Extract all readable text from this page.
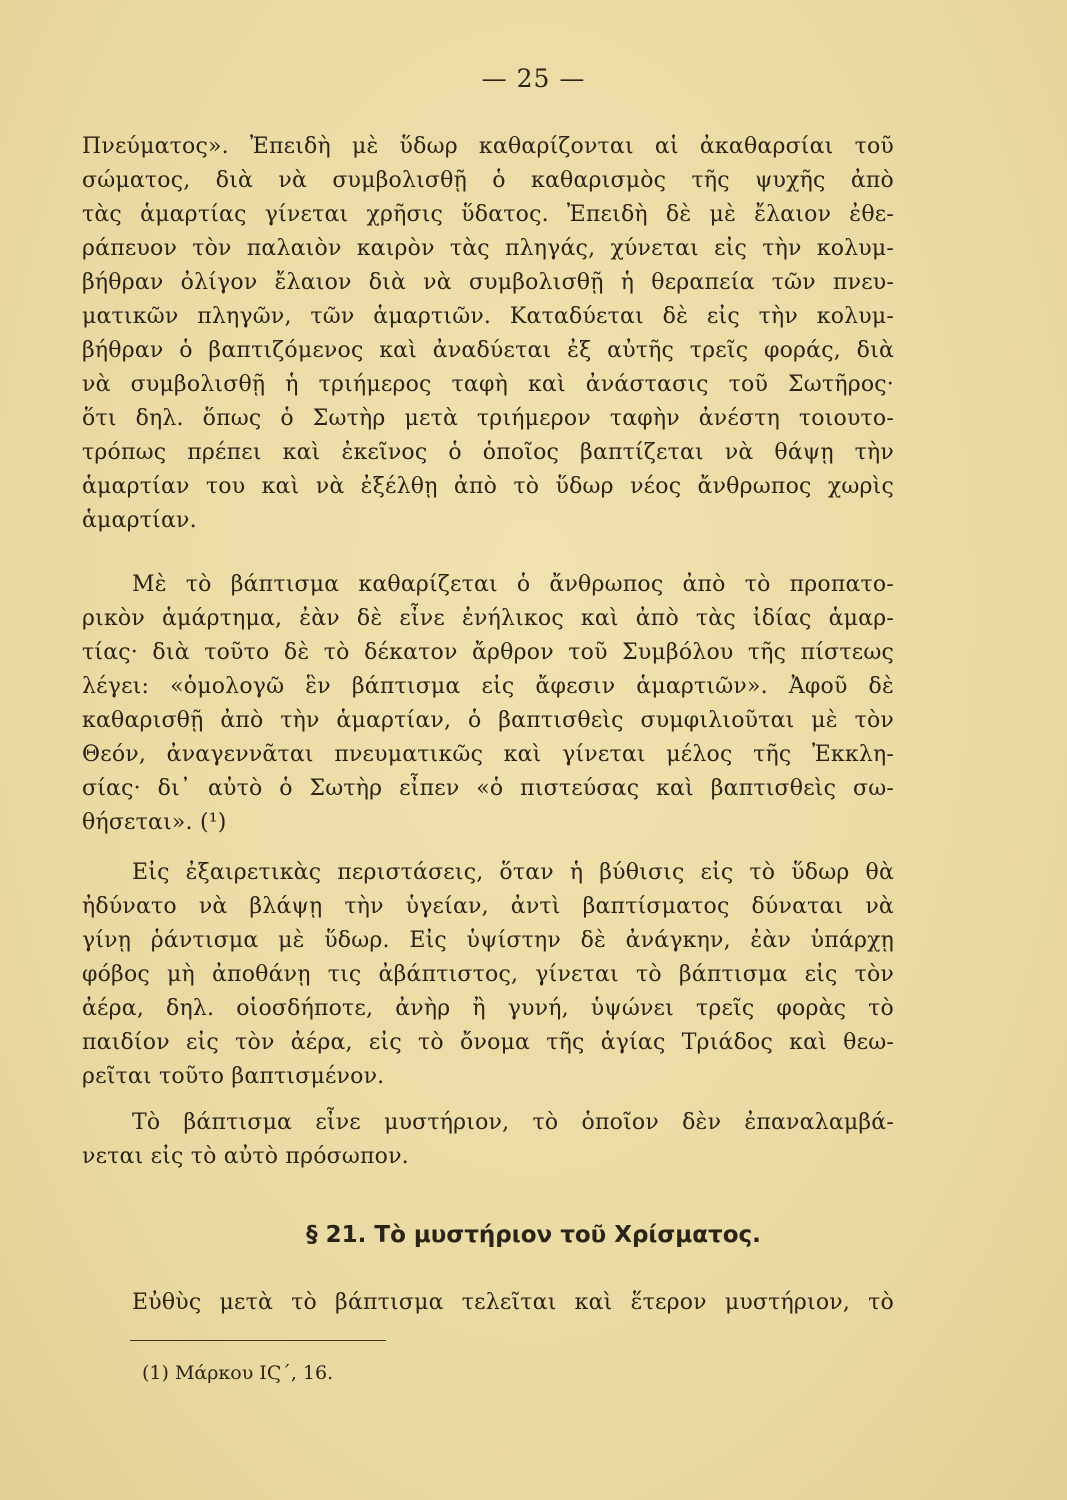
— 25 —
Πνεύματος». Ἐπειδὴ μὲ ὕδωρ καθαρίζονται αἱ ἀκαθαρσίαι τοῦ
σώματος, διὰ νὰ συμβολισθῇ ὁ καθαρισμὸς τῆς ψυχῆς ἀπὸ
τὰς ἁμαρτίας γίνεται χρῆσις ὕδατος. Ἐπειδὴ δὲ μὲ ἔλαιον ἐθε-
ράπευον τὸν παλαιὸν καιρὸν τὰς πληγάς, χύνεται εἰς τὴν κολυμ-
βήθραν ὀλίγον ἔλαιον διὰ νὰ συμβολισθῇ ἡ θεραπεία τῶν πνευ-
ματικῶν πληγῶν, τῶν ἁμαρτιῶν. Καταδύεται δὲ εἰς τὴν κολυμ-
βήθραν ὁ βαπτιζόμενος καὶ ἀναδύεται ἐξ αὐτῆς τρεῖς φοράς, διὰ
νὰ συμβολισθῇ ἡ τριήμερος ταφὴ καὶ ἀνάστασις τοῦ Σωτῆρος·
ὅτι δηλ. ὅπως ὁ Σωτὴρ μετὰ τριήμερον ταφὴν ἀνέστη τοιουτο-
τρόπως πρέπει καὶ ἐκεῖνος ὁ ὁποῖος βαπτίζεται νὰ θάψῃ τὴν
ἁμαρτίαν του καὶ νὰ ἐξέλθῃ ἀπὸ τὸ ὕδωρ νέος ἄνθρωπος χωρὶς
ἁμαρτίαν.
Μὲ τὸ βάπτισμα καθαρίζεται ὁ ἄνθρωπος ἀπὸ τὸ προπατο-
ρικὸν ἁμάρτημα, ἐὰν δὲ εἶνε ἐνήλικος καὶ ἀπὸ τὰς ἰδίας ἁμαρ-
τίας· διὰ τοῦτο δὲ τὸ δέκατον ἄρθρον τοῦ Συμβόλου τῆς πίστεως
λέγει: «ὁμολογῶ ἓν βάπτισμα εἰς ἄφεσιν ἁμαρτιῶν». Ἀφοῦ δὲ
καθαρισθῇ ἀπὸ τὴν ἁμαρτίαν, ὁ βαπτισθεὶς συμφιλιοῦται μὲ τὸν
Θεόν, ἀναγεννᾶται πνευματικῶς καὶ γίνεται μέλος τῆς Ἐκκλη-
σίας· δι᾿ αὐτὸ ὁ Σωτὴρ εἶπεν «ὁ πιστεύσας καὶ βαπτισθεὶς σω-
θήσεται». (¹)
Εἰς ἐξαιρετικὰς περιστάσεις, ὅταν ἡ βύθισις εἰς τὸ ὕδωρ θὰ
ἠδύνατο νὰ βλάψῃ τὴν ὑγείαν, ἀντὶ βαπτίσματος δύναται νὰ
γίνῃ ῥάντισμα μὲ ὕδωρ. Εἰς ὑψίστην δὲ ἀνάγκην, ἐὰν ὑπάρχῃ
φόβος μὴ ἀποθάνῃ τις ἀβάπτιστος, γίνεται τὸ βάπτισμα εἰς τὸν
ἀέρα, δηλ. οἱοσδήποτε, ἀνὴρ ἢ γυνή, ὑψώνει τρεῖς φορὰς τὸ
παιδίον εἰς τὸν ἀέρα, εἰς τὸ ὄνομα τῆς ἁγίας Τριάδος καὶ θεω-
ρεῖται τοῦτο βαπτισμένον.
Τὸ βάπτισμα εἶνε μυστήριον, τὸ ὁποῖον δὲν ἐπαναλαμβά-
νεται εἰς τὸ αὐτὸ πρόσωπον.
§ 21. Τὸ μυστήριον τοῦ Χρίσματος.
Εὐθὺς μετὰ τὸ βάπτισμα τελεῖται καὶ ἕτερον μυστήριον, τὸ
(1) Μάρκου ΙϚ΄, 16.
